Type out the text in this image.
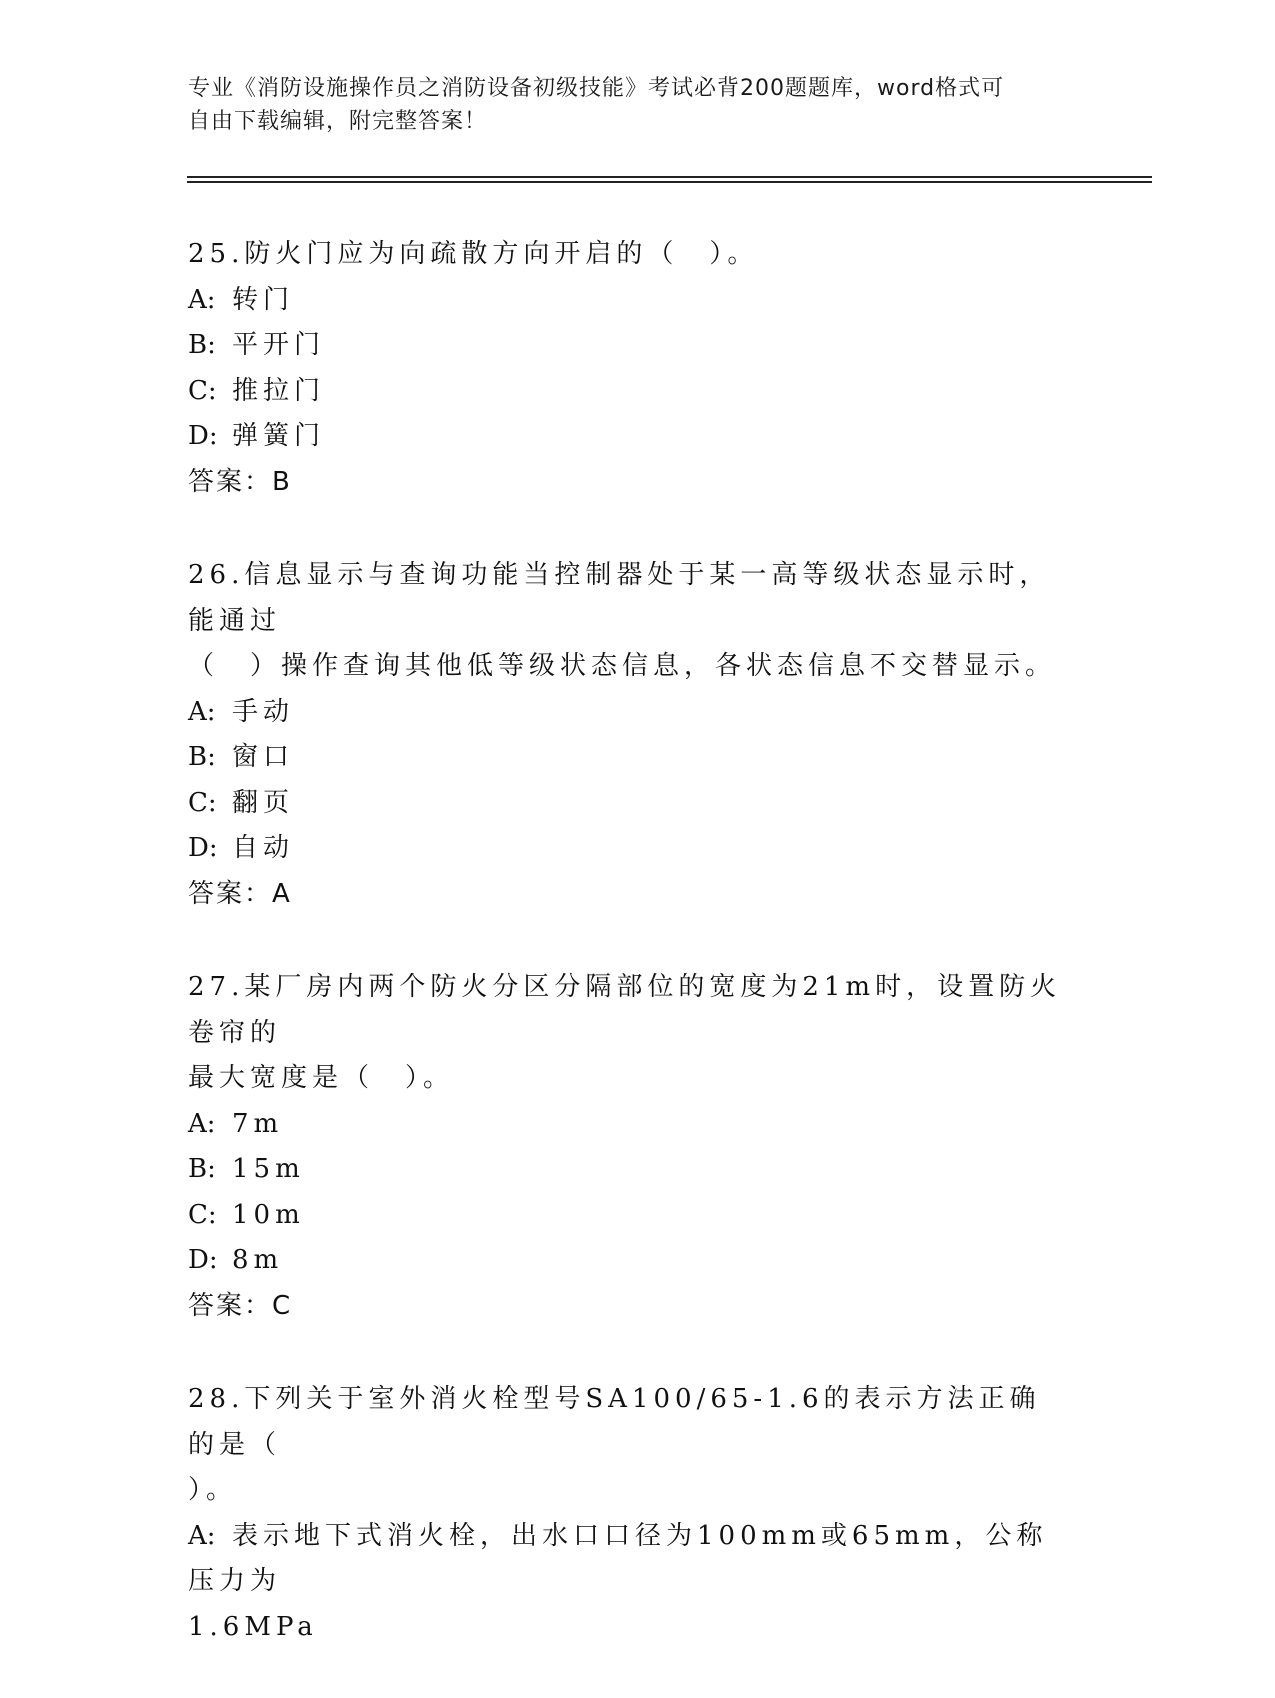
专业《消防设施操作员之消防设备初级技能》考试必背200题题库，word格式可
自由下载编辑，附完整答案！
25.防火门应为向疏散方向开启的（　）。
A: 转门
B: 平开门
C: 推拉门
D: 弹簧门
答案：B
26.信息显示与查询功能当控制器处于某一高等级状态显示时，能通过
（　）操作查询其他低等级状态信息，各状态信息不交替显示。
A: 手动
B: 窗口
C: 翻页
D: 自动
答案：A
27.某厂房内两个防火分区分隔部位的宽度为21m时，设置防火卷帘的
最大宽度是（　）。
A: 7m
B: 15m
C: 10m
D: 8m
答案：C
28.下列关于室外消火栓型号SA100/65-1.6的表示方法正确的是（
）。
A: 表示地下式消火栓，出水口口径为100mm或65mm，公称压力为
1.6MPa
